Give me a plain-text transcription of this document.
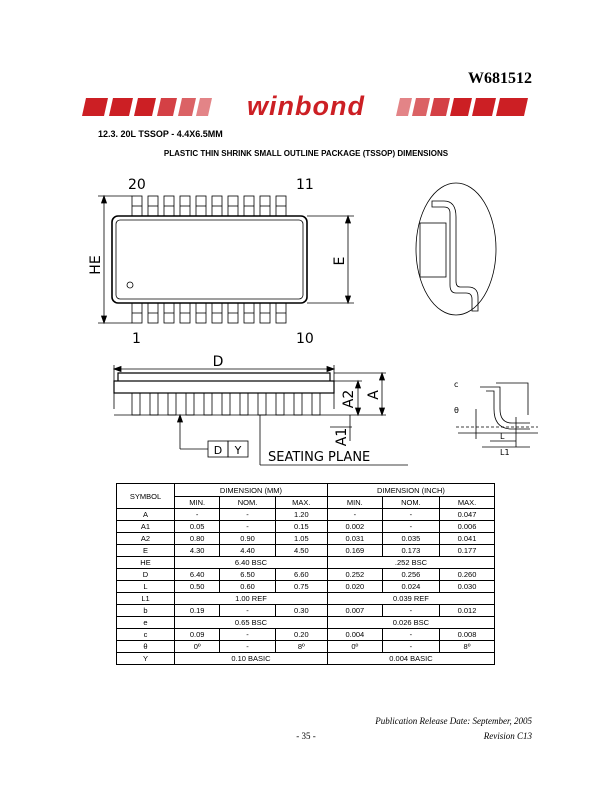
W681512
winbond
12.3. 20L TSSOP - 4.4X6.5MM
PLASTIC THIN SHRINK SMALL OUTLINE PACKAGE (TSSOP) DIMENSIONS
20	11
1	10
HE	E
D
A2 A
A1
D Y SEATING PLANE
c
θ
L
L1
SYMBOL	DIMENSION (MM)			DIMENSION (INCH)		
	MIN.	NOM.	MAX.	MIN.	NOM.	MAX.
A	-	-	1.20	-	-	0.047
A1	0.05	-	0.15	0.002	-	0.006
A2	0.80	0.90	1.05	0.031	0.035	0.041
E	4.30	4.40	4.50	0.169	0.173	0.177
HE	6.40 BSC			.252 BSC		
D	6.40	6.50	6.60	0.252	0.256	0.260
L	0.50	0.60	0.75	0.020	0.024	0.030
L1	1.00 REF			0.039 REF		
b	0.19	-	0.30	0.007	-	0.012
e	0.65 BSC			0.026 BSC		
c	0.09	-	0.20	0.004	-	0.008
θ	0º	-	8º	0º	-	8º
Y	0.10 BASIC			0.004 BASIC		
Publication Release Date: September, 2005
- 35 -	Revision C13
